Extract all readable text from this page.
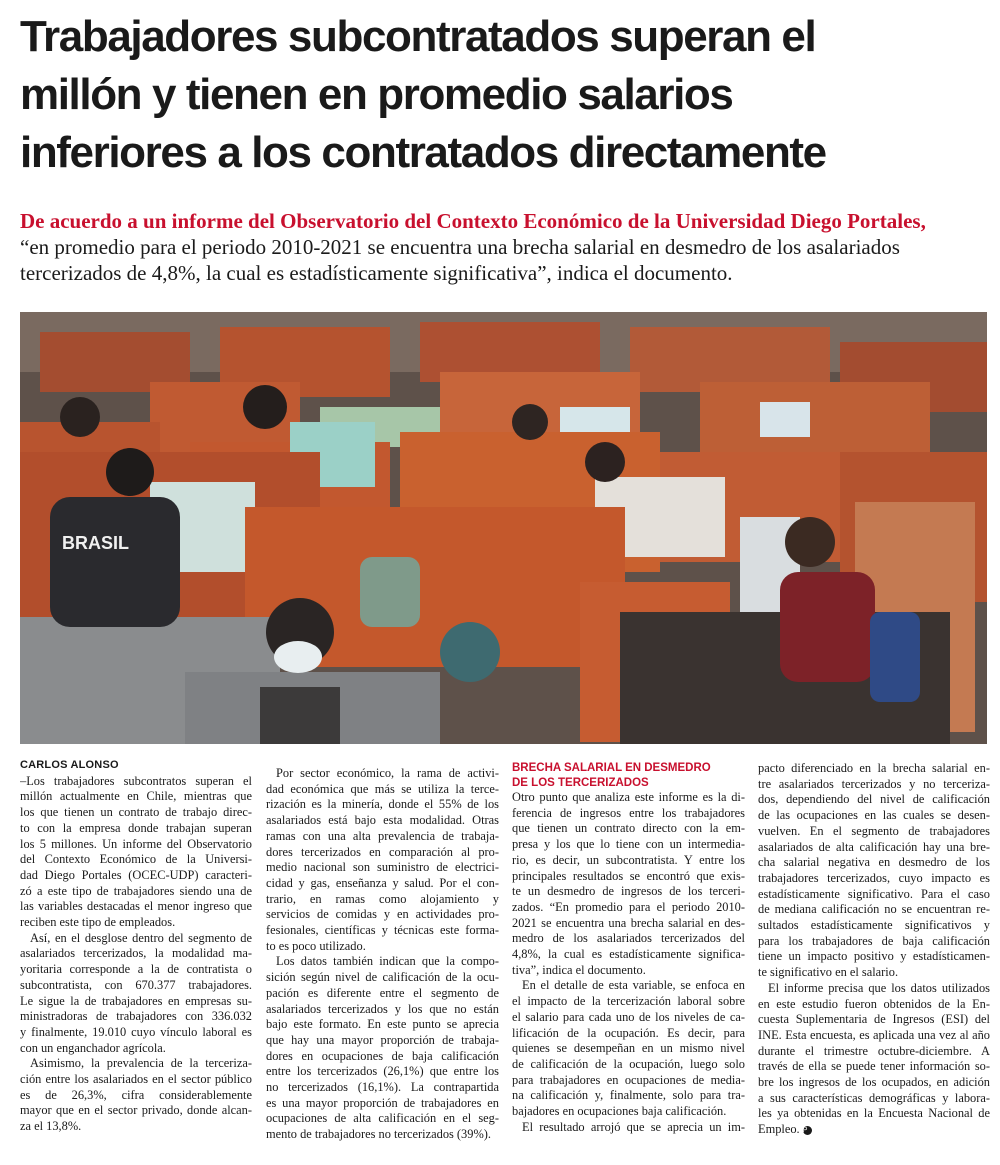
Trabajadores subcontratados superan el
millón y tienen en promedio salarios
inferiores a los contratados directamente
De acuerdo a un informe del Observatorio del Contexto Económico de la Universidad Diego Portales,
“en promedio para el periodo 2010-2021 se encuentra una brecha salarial en desmedro de los asalariados
tercerizados de 4,8%, la cual es estadísticamente significativa”, indica el documento.
BRASIL
CARLOS ALONSO

–Los trabajadores subcontratos superan el
millón actualmente en Chile, mientras que
los que tienen un contrato de trabajo direc-
to con la empresa donde trabajan superan
los 5 millones. Un informe del Observatorio
del Contexto Económico de la Universi-
dad Diego Portales (OCEC-UDP) caracteri-
zó a este tipo de trabajadores siendo una de
las variables destacadas el menor ingreso que
reciben este tipo de empleados.

Así, en el desglose dentro del segmento de
asalariados tercerizados, la modalidad ma-
yoritaria corresponde a la de contratista o
subcontratista, con 670.377 trabajadores.
Le sigue la de trabajadores en empresas su-
ministradoras de trabajadores con 336.032
y finalmente, 19.010 cuyo vínculo laboral es
con un enganchador agrícola.

Asimismo, la prevalencia de la tercerіza-
ción entre los asalariados en el sector público
es de 26,3%, cifra considerablemente
mayor que en el sector privado, donde alcan-
za el 13,8%.

Por sector económico, la rama de activi-
dad económica que más se utiliza la terce-
rización es la minería, donde el 55% de los
asalariados está bajo esta modalidad. Otras
ramas con una alta prevalencia de trabaja-
dores tercerizados en comparación al pro-
medio nacional son suministro de electrici-
cidad y gas, enseñanza y salud. Por el con-
trario, en ramas como alojamiento y
servicios de comidas y en actividades pro-
fesionales, científicas y técnicas este forma-
to es poco utilizado.

Los datos también indican que la compo-
sición según nivel de calificación de la ocu-
pación es diferente entre el segmento de
asalariados tercerizados y los que no están
bajo este formato. En este punto se aprecia
que hay una mayor proporción de trabaja-
dores en ocupaciones de baja calificación
entre los tercerizados (26,1%) que entre los
no tercerizados (16,1%). La contrapartida
es una mayor proporción de trabajadores en
ocupaciones de alta calificación en el seg-
mento de trabajadores no tercerizados (39%).

BRECHA SALARIAL EN DESMEDRO
DE LOS TERCERIZADOS

Otro punto que analiza este informe es la di-
ferencia de ingresos entre los trabajadores
que tienen un contrato directo con la em-
presa y los que lo tiene con un intermedia-
rio, es decir, un subcontratista. Y entre los
principales resultados se encontró que exis-
te un desmedro de ingresos de los tercerі-
zados. “En promedio para el periodo 2010-
2021 se encuentra una brecha salarial en des-
medro de los asalariados tercerizados del
4,8%, la cual es estadísticamente significa-
tiva”, indica el documento.

En el detalle de esta variable, se enfoca en
el impacto de la tercerización laboral sobre
el salario para cada uno de los niveles de ca-
lificación de la ocupación. Es decir, para
quienes se desempeñan en un mismo nivel
de calificación de la ocupación, luego solo
para trabajadores en ocupaciones de media-
na calificación y, finalmente, solo para tra-
bajadores en ocupaciones baja calificación.

El resultado arrojó que se aprecia un im-

pacto diferenciado en la brecha salarial en-
tre asalariados tercerizados y no terceriza-
dos, dependiendo del nivel de calificación
de las ocupaciones en las cuales se desen-
vuelven. En el segmento de trabajadores
asalariados de alta calificación hay una bre-
cha salarial negativa en desmedro de los
trabajadores tercerizados, cuyo impacto es
estadísticamente significativo. Para el caso
de mediana calificación no se encuentran re-
sultados estadísticamente significativos y
para los trabajadores de baja calificación
tiene un impacto positivo y estadísticamen-
te significativo en el salario.

El informe precisa que los datos utilizados
en este estudio fueron obtenidos de la En-
cuesta Suplementaria de Ingresos (ESI) del
INE. Esta encuesta, es aplicada una vez al año
durante el trimestre octubre-diciembre. A
través de ella se puede tener información so-
bre los ingresos de los ocupados, en adición
a sus características demográficas y labora-
les ya obtenidas en la Encuesta Nacional de
Empleo. P
